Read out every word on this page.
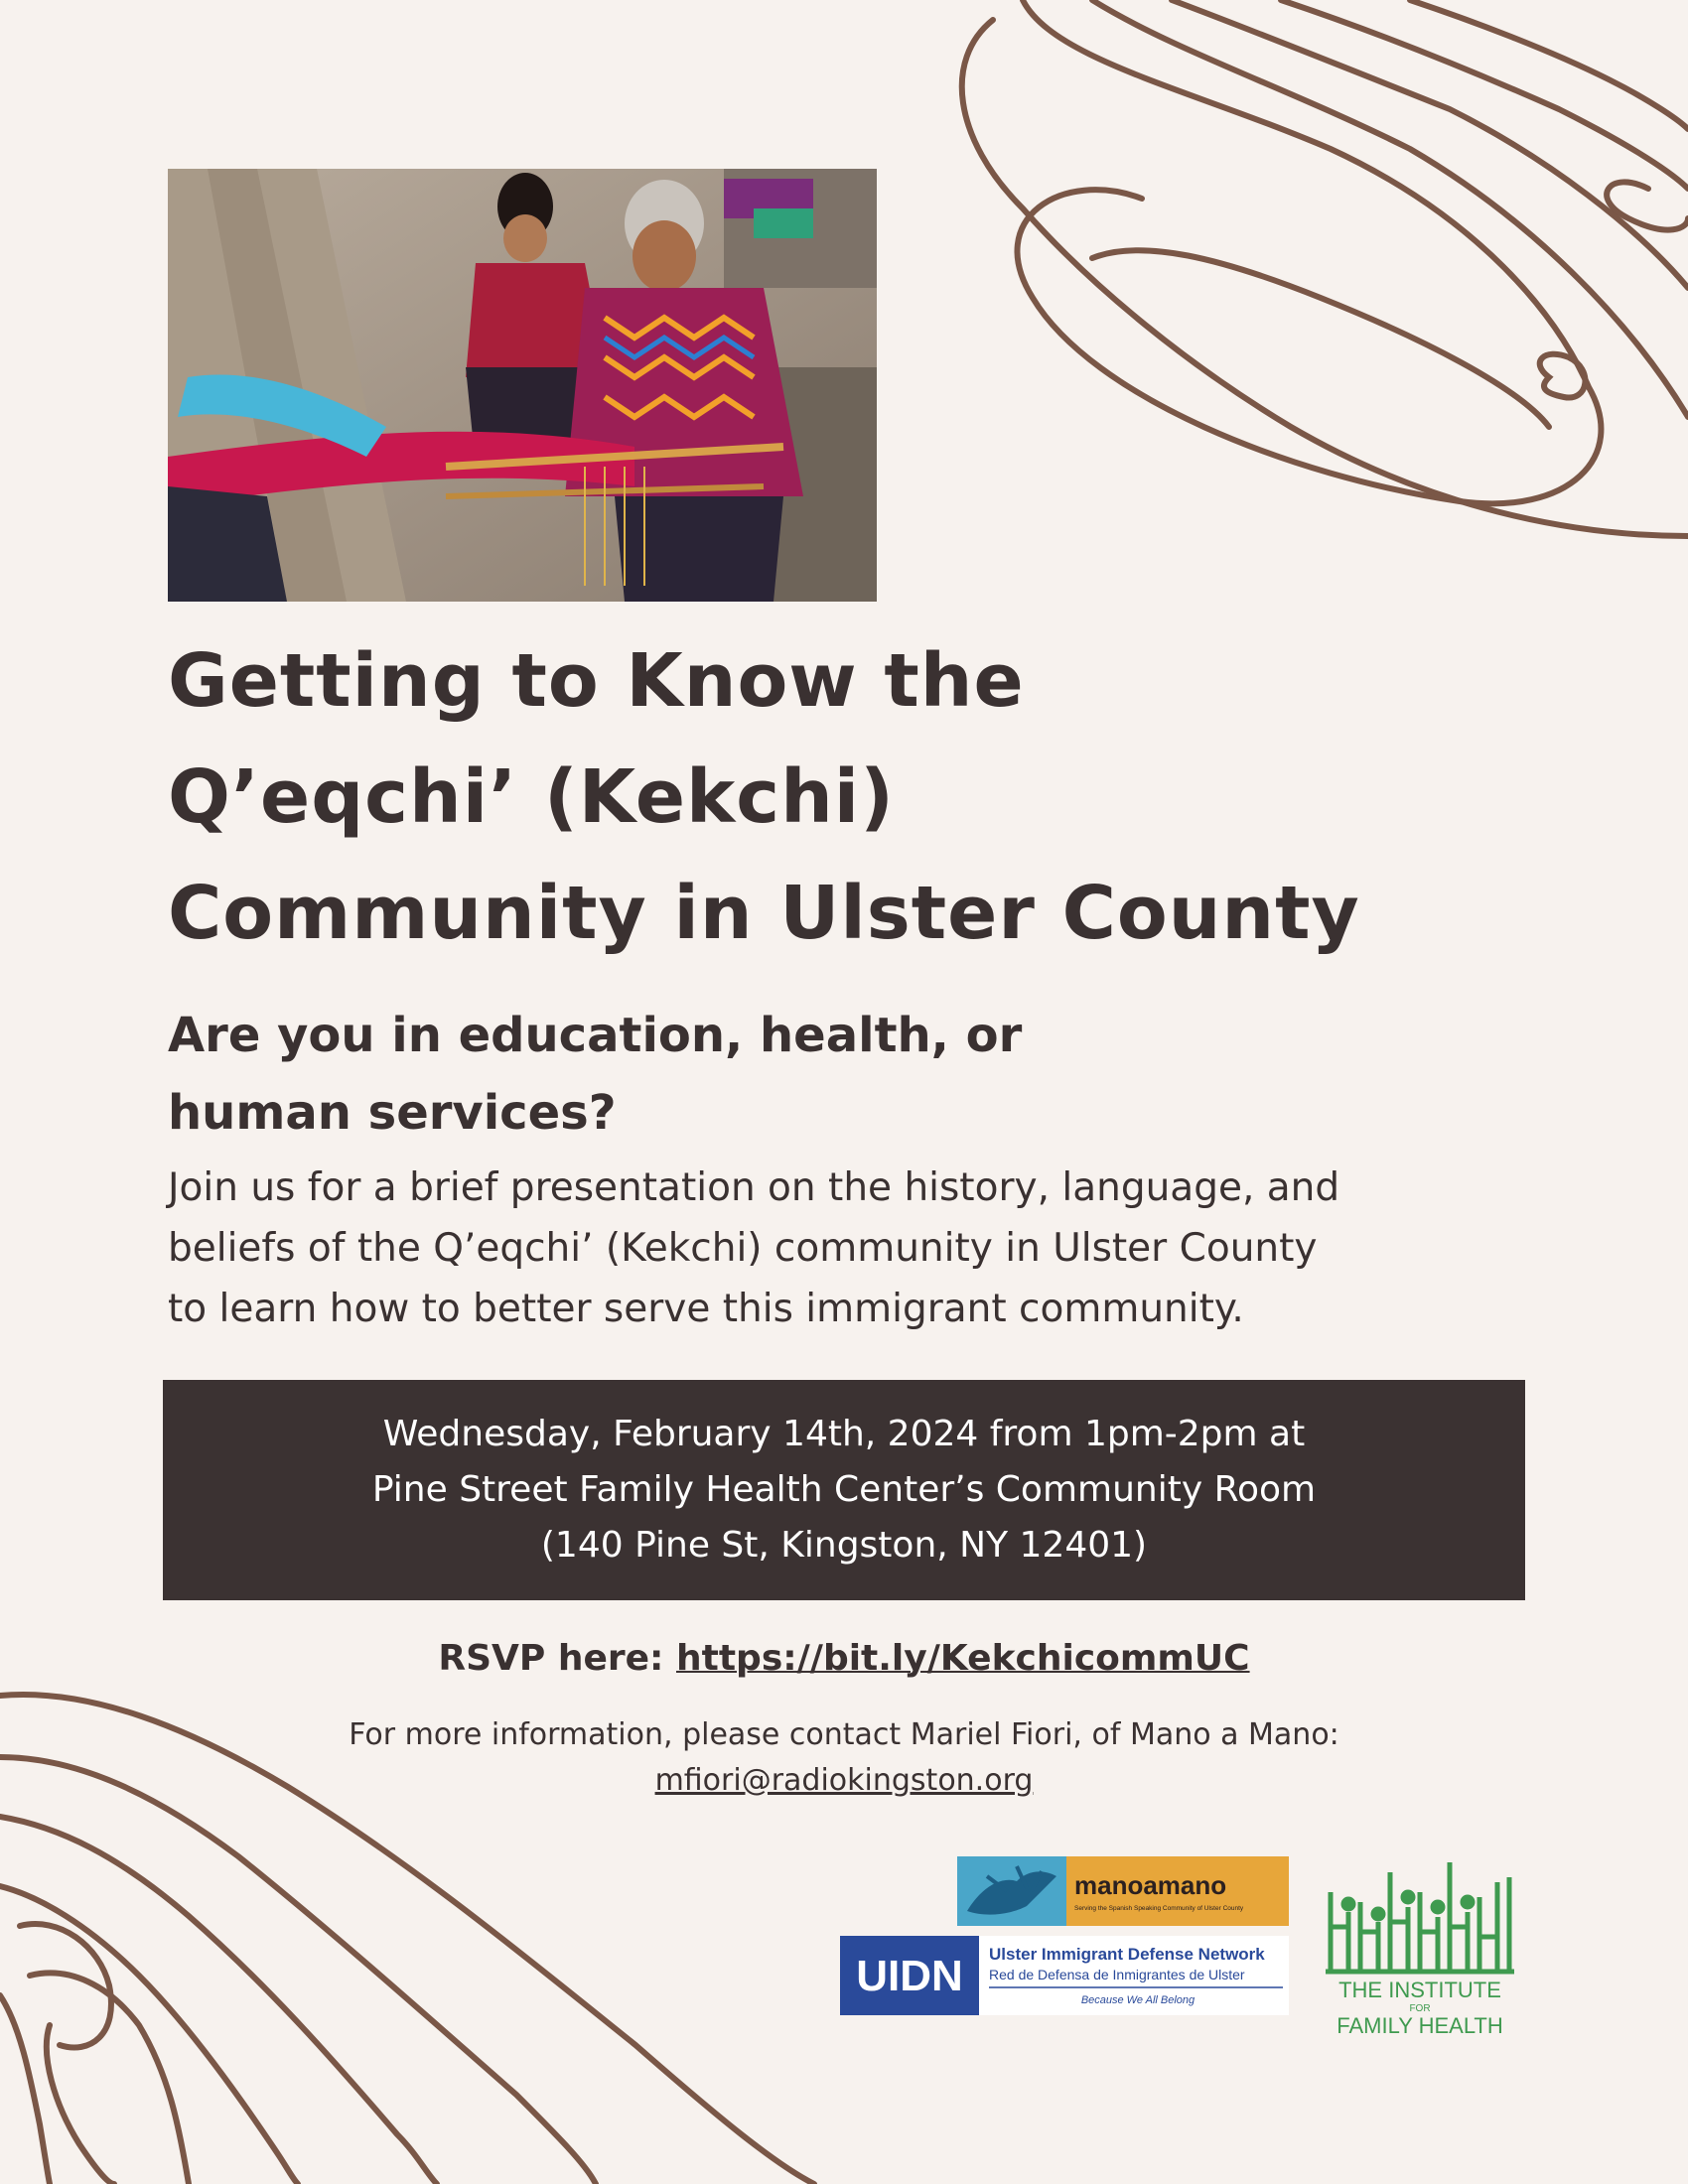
Getting to Know the
Q’eqchi’ (Kekchi)
Community in Ulster County
Are you in education, health, or
human services?

Join us for a brief presentation on the history, language, and
beliefs of the Q’eqchi’ (Kekchi) community in Ulster County
to learn how to better serve this immigrant community.

Wednesday, February 14th, 2024 from 1pm-2pm at
Pine Street Family Health Center’s Community Room
(140 Pine St, Kingston, NY 12401)
RSVP here: https://bit.ly/KekchicommUC
For more information, please contact Mariel Fiori, of Mano a Mano:
mfiori@radiokingston.org
manoamano
Serving the Spanish Speaking Community of Ulster County
UIDN Ulster Immigrant Defense Network
Red de Defensa de Inmigrantes de Ulster
Because We All Belong	THE INSTITUTE
FOR
FAMILY HEALTH
